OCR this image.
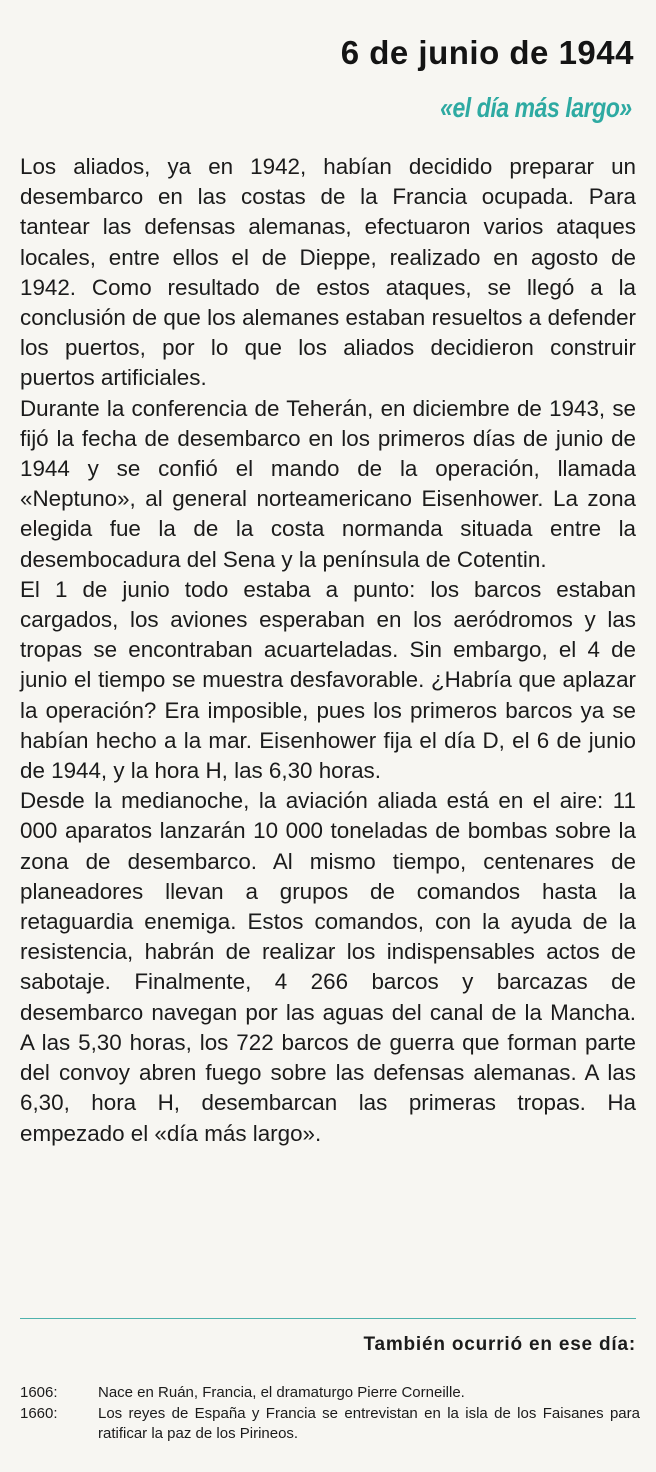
6 de junio de 1944
«el día más largo»

Los aliados, ya en 1942, habían decidido preparar un desembarco en las costas de la Francia ocupada. Para tantear las defensas alemanas, efectuaron varios ataques locales, entre ellos el de Dieppe, realizado en agosto de 1942. Como resultado de estos ataques, se llegó a la conclusión de que los alemanes estaban resueltos a defender los puertos, por lo que los aliados decidieron construir puertos artificiales.

Durante la conferencia de Teherán, en diciembre de 1943, se fijó la fecha de desembarco en los primeros días de junio de 1944 y se confió el mando de la operación, llamada «Neptuno», al general norteamericano Eisenhower. La zona elegida fue la de la costa normanda situada entre la desembocadura del Sena y la península de Cotentin.

El 1 de junio todo estaba a punto: los barcos estaban cargados, los aviones esperaban en los aeródromos y las tropas se encontraban acuarteladas. Sin embargo, el 4 de junio el tiempo se muestra desfavorable. ¿Habría que aplazar la operación? Era imposible, pues los primeros barcos ya se habían hecho a la mar. Eisenhower fija el día D, el 6 de junio de 1944, y la hora H, las 6,30 horas.

Desde la medianoche, la aviación aliada está en el aire: 11 000 aparatos lanzarán 10 000 toneladas de bombas sobre la zona de desembarco. Al mismo tiempo, centenares de planeadores llevan a grupos de comandos hasta la retaguardia enemiga. Estos comandos, con la ayuda de la resistencia, habrán de realizar los indispensables actos de sabotaje. Finalmente, 4 266 barcos y barcazas de desembarco navegan por las aguas del canal de la Mancha. A las 5,30 horas, los 722 barcos de guerra que forman parte del convoy abren fuego sobre las defensas alemanas. A las 6,30, hora H, desembarcan las primeras tropas. Ha empezado el «día más largo».

También ocurrió en ese día:
1606:	Nace en Ruán, Francia, el dramaturgo Pierre Corneille.
1660:	Los reyes de España y Francia se entrevistan en la isla de los Faisanes para ratificar la paz de los Pirineos.
